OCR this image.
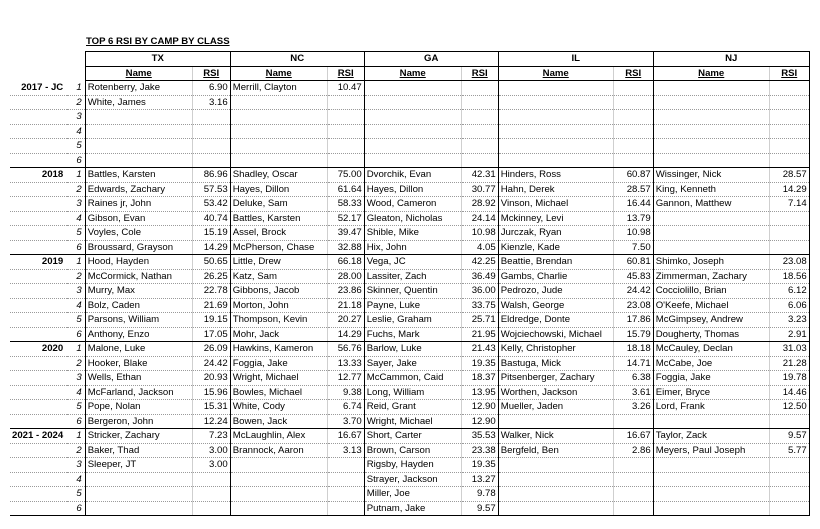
TOP 6 RSI BY CAMP BY CLASS
		TX		NC		GA		IL		NJ	
		Name	RSI	Name	RSI	Name	RSI	Name	RSI	Name	RSI
2017 - JC	1	Rotenberry, Jake	6.90	Merrill, Clayton	10.47						
	2	White, James	3.16								
	3										
	4										
	5										
	6										
2018	1	Battles, Karsten	86.96	Shadley, Oscar	75.00	Dvorchik, Evan	42.31	Hinders, Ross	60.87	Wissinger, Nick	28.57
	2	Edwards, Zachary	57.53	Hayes, Dillon	61.64	Hayes, Dillon	30.77	Hahn, Derek	28.57	King, Kenneth	14.29
	3	Raines jr, John	53.42	Deluke, Sam	58.33	Wood, Cameron	28.92	Vinson, Michael	16.44	Gannon, Matthew	7.14
	4	Gibson, Evan	40.74	Battles, Karsten	52.17	Gleaton, Nicholas	24.14	Mckinney, Levi	13.79		
	5	Voyles, Cole	15.19	Assel, Brock	39.47	Shible, Mike	10.98	Jurczak, Ryan	10.98		
	6	Broussard, Grayson	14.29	McPherson, Chase	32.88	Hix, John	4.05	Kienzle, Kade	7.50		
2019	1	Hood, Hayden	50.65	Little, Drew	66.18	Vega, JC	42.25	Beattie, Brendan	60.81	Shimko, Joseph	23.08
	2	McCormick, Nathan	26.25	Katz, Sam	28.00	Lassiter, Zach	36.49	Gambs, Charlie	45.83	Zimmerman, Zachary	18.56
	3	Murry, Max	22.78	Gibbons, Jacob	23.86	Skinner, Quentin	36.00	Pedrozo, Jude	24.42	Cocciolillo, Brian	6.12
	4	Bolz, Caden	21.69	Morton, John	21.18	Payne, Luke	33.75	Walsh, George	23.08	O'Keefe, Michael	6.06
	5	Parsons, William	19.15	Thompson, Kevin	20.27	Leslie, Graham	25.71	Eldredge, Donte	17.86	McGimpsey, Andrew	3.23
	6	Anthony, Enzo	17.05	Mohr, Jack	14.29	Fuchs, Mark	21.95	Wojciechowski, Michael	15.79	Dougherty, Thomas	2.91
2020	1	Malone, Luke	26.09	Hawkins, Kameron	56.76	Barlow, Luke	21.43	Kelly, Christopher	18.18	McCauley, Declan	31.03
	2	Hooker, Blake	24.42	Foggia, Jake	13.33	Sayer, Jake	19.35	Bastuga, Mick	14.71	McCabe, Joe	21.28
	3	Wells, Ethan	20.93	Wright, Michael	12.77	McCammon, Caid	18.37	Pitsenberger, Zachary	6.38	Foggia, Jake	19.78
	4	McFarland, Jackson	15.96	Bowles, Michael	9.38	Long, William	13.95	Worthen, Jackson	3.61	Eimer, Bryce	14.46
	5	Pope, Nolan	15.31	White, Cody	6.74	Reid, Grant	12.90	Mueller, Jaden	3.26	Lord, Frank	12.50
	6	Bergeron, John	12.24	Bowen, Jack	3.70	Wright, Michael	12.90				
2021 - 2024	1	Stricker, Zachary	7.23	McLaughlin, Alex	16.67	Short, Carter	35.53	Walker, Nick	16.67	Taylor, Zack	9.57
	2	Baker, Thad	3.00	Brannock, Aaron	3.13	Brown, Carson	23.38	Bergfeld, Ben	2.86	Meyers, Paul Joseph	5.77
	3	Sleeper, JT	3.00			Rigsby, Hayden	19.35				
	4					Strayer, Jackson	13.27				
	5					Miller, Joe	9.78				
	6					Putnam, Jake	9.57				
